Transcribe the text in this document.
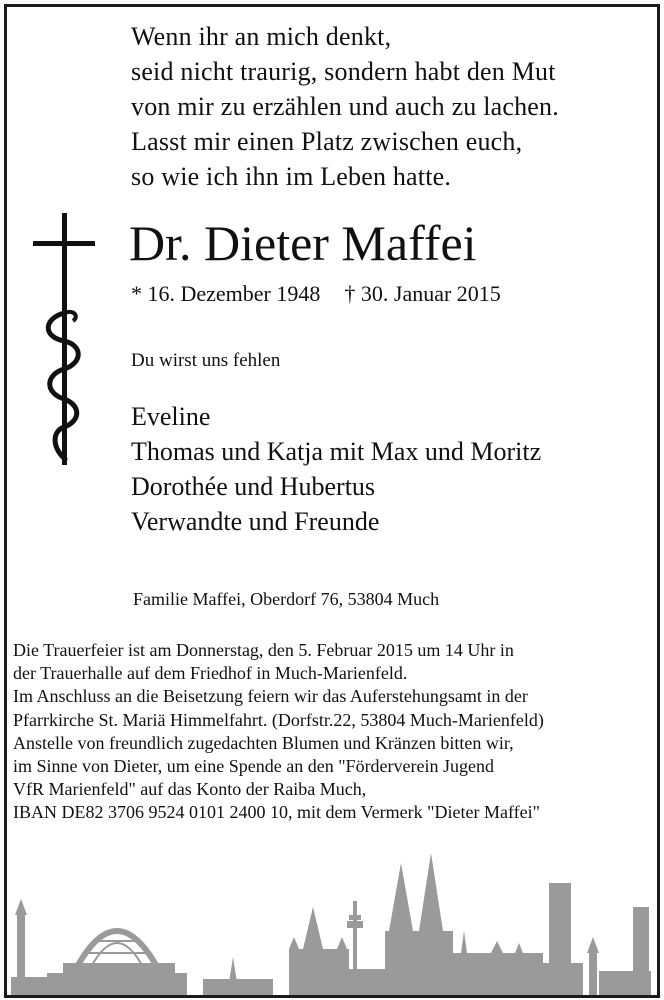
Wenn ihr an mich denkt,
seid nicht traurig, sondern habt den Mut
von mir zu erzählen und auch zu lachen.
Lasst mir einen Platz zwischen euch,
so wie ich ihn im Leben hatte.
Dr. Dieter Maffei
* 16. Dezember 1948 † 30. Januar 2015
Du wirst uns fehlen
Eveline
Thomas und Katja mit Max und Moritz
Dorothée und Hubertus
Verwandte und Freunde
Familie Maffei, Oberdorf 76, 53804 Much
Die Trauerfeier ist am Donnerstag, den 5. Februar 2015 um 14 Uhr in
der Trauerhalle auf dem Friedhof in Much-Marienfeld.
Im Anschluss an die Beisetzung feiern wir das Auferstehungsamt in der
Pfarrkirche St. Mariä Himmelfahrt. (Dorfstr.22, 53804 Much-Marienfeld)
Anstelle von freundlich zugedachten Blumen und Kränzen bitten wir,
im Sinne von Dieter, um eine Spende an den "Förderverein Jugend
VfR Marienfeld" auf das Konto der Raiba Much,
IBAN DE82 3706 9524 0101 2400 10, mit dem Vermerk "Dieter Maffei"
